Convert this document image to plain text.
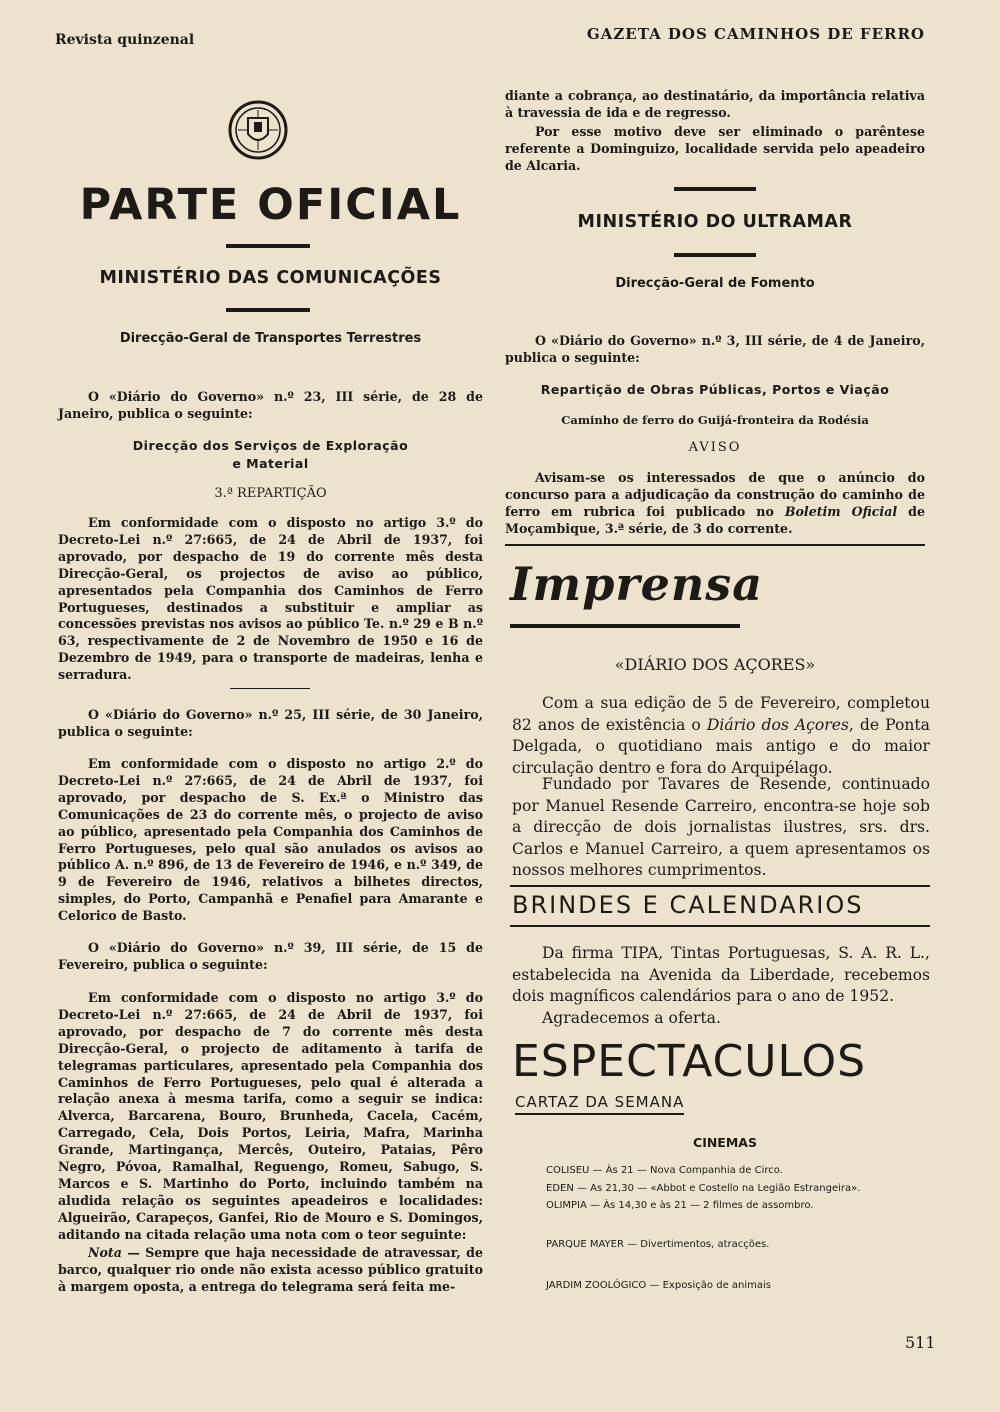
Revista quinzenal	GAZETA DOS CAMINHOS DE FERRO
PARTE OFICIAL
MINISTÉRIO DAS COMUNICAÇÕES
Direcção-Geral de Transportes Terrestres

O «Diário do Governo» n.º 23, III série, de 28 de Janeiro, publica o seguinte:

Direcção dos Serviços de Exploração
e Material
3.ª REPARTIÇÃO

Em conformidade com o disposto no artigo 3.º do Decreto-Lei n.º 27:665, de 24 de Abril de 1937, foi aprovado, por despacho de 19 do corrente mês desta Direcção-Geral, os projectos de aviso ao público, apresentados pela Companhia dos Caminhos de Ferro Portugueses, destinados a substituir e ampliar as concessões previstas nos avisos ao público Te. n.º 29 e B n.º 63, respectivamente de 2 de Novembro de 1950 e 16 de Dezembro de 1949, para o transporte de madeiras, lenha e serradura.

O «Diário do Governo» n.º 25, III série, de 30 Janeiro, publica o seguinte:

Em conformidade com o disposto no artigo 2.º do Decreto-Lei n.º 27:665, de 24 de Abril de 1937, foi aprovado, por despacho de S. Ex.ª o Ministro das Comunicações de 23 do corrente mês, o projecto de aviso ao público, apresentado pela Companhia dos Caminhos de Ferro Portugueses, pelo qual são anulados os avisos ao público A. n.º 896, de 13 de Fevereiro de 1946, e n.º 349, de 9 de Fevereiro de 1946, relativos a bilhetes directos, simples, do Porto, Campanhã e Penafiel para Amarante e Celorico de Basto.

O «Diário do Governo» n.º 39, III série, de 15 de Fevereiro, publica o seguinte:

Em conformidade com o disposto no artigo 3.º do Decreto-Lei n.º 27:665, de 24 de Abril de 1937, foi aprovado, por despacho de 7 do corrente mês desta Direcção-Geral, o projecto de aditamento à tarifa de telegramas particulares, apresentado pela Companhia dos Caminhos de Ferro Portugueses, pelo qual é alterada a relação anexa à mesma tarifa, como a seguir se indica: Alverca, Barcarena, Bouro, Brunheda, Cacela, Cacém, Carregado, Cela, Dois Portos, Leiria, Mafra, Marinha Grande, Martingança, Mercês, Outeiro, Pataias, Pêro Negro, Póvoa, Ramalhal, Reguengo, Romeu, Sabugo, S. Marcos e S. Martinho do Porto, incluindo também na aludida relação os seguintes apeadeiros e localidades: Algueirão, Carapeços, Ganfei, Rio de Mouro e S. Domingos, aditando na citada relação uma nota com o teor seguinte:

Nota — Sempre que haja necessidade de atravessar, de barco, qualquer rio onde não exista acesso público gratuito à margem oposta, a entrega do telegrama será feita me-

diante a cobrança, ao destinatário, da importância relativa à travessia de ida e de regresso.

Por esse motivo deve ser eliminado o parêntese referente a Dominguizo, localidade servida pelo apeadeiro de Alcaria.

MINISTÉRIO DO ULTRAMAR
Direcção-Geral de Fomento

O «Diário do Governo» n.º 3, III série, de 4 de Janeiro, publica o seguinte:

Repartição de Obras Públicas, Portos e Viação
Caminho de ferro do Guijá-fronteira da Rodésia
AVISO

Avisam-se os interessados de que o anúncio do concurso para a adjudicação da construção do caminho de ferro em rubrica foi publicado no Boletim Oficial de Moçambique, 3.ª série, de 3 do corrente.

Imprensa
«DIÁRIO DOS AÇORES»

Com a sua edição de 5 de Fevereiro, completou 82 anos de existência o Diário dos Açores, de Ponta Delgada, o quotidiano mais antigo e do maior circulação dentro e fora do Arquipélago.

Fundado por Tavares de Resende, continuado por Manuel Resende Carreiro, encontra-se hoje sob a direcção de dois jornalistas ilustres, srs. drs. Carlos e Manuel Carreiro, a quem apresentamos os nossos melhores cumprimentos.

BRINDES E CALENDARIOS

Da firma TIPA, Tintas Portuguesas, S. A. R. L., estabelecida na Avenida da Liberdade, recebemos dois magníficos calendários para o ano de 1952.

Agradecemos a oferta.

ESPECTACULOS
CARTAZ DA SEMANA
CINEMAS
COLISEU — Às 21 — Nova Companhia de Circo.
EDEN — As 21,30 — «Abbot e Costello na Legião Estrangeira».
OLIMPIA — Às 14,30 e às 21 — 2 filmes de assombro.
PARQUE MAYER — Divertimentos, atracções.
JARDIM ZOOLÓGICO — Exposição de animais
511
